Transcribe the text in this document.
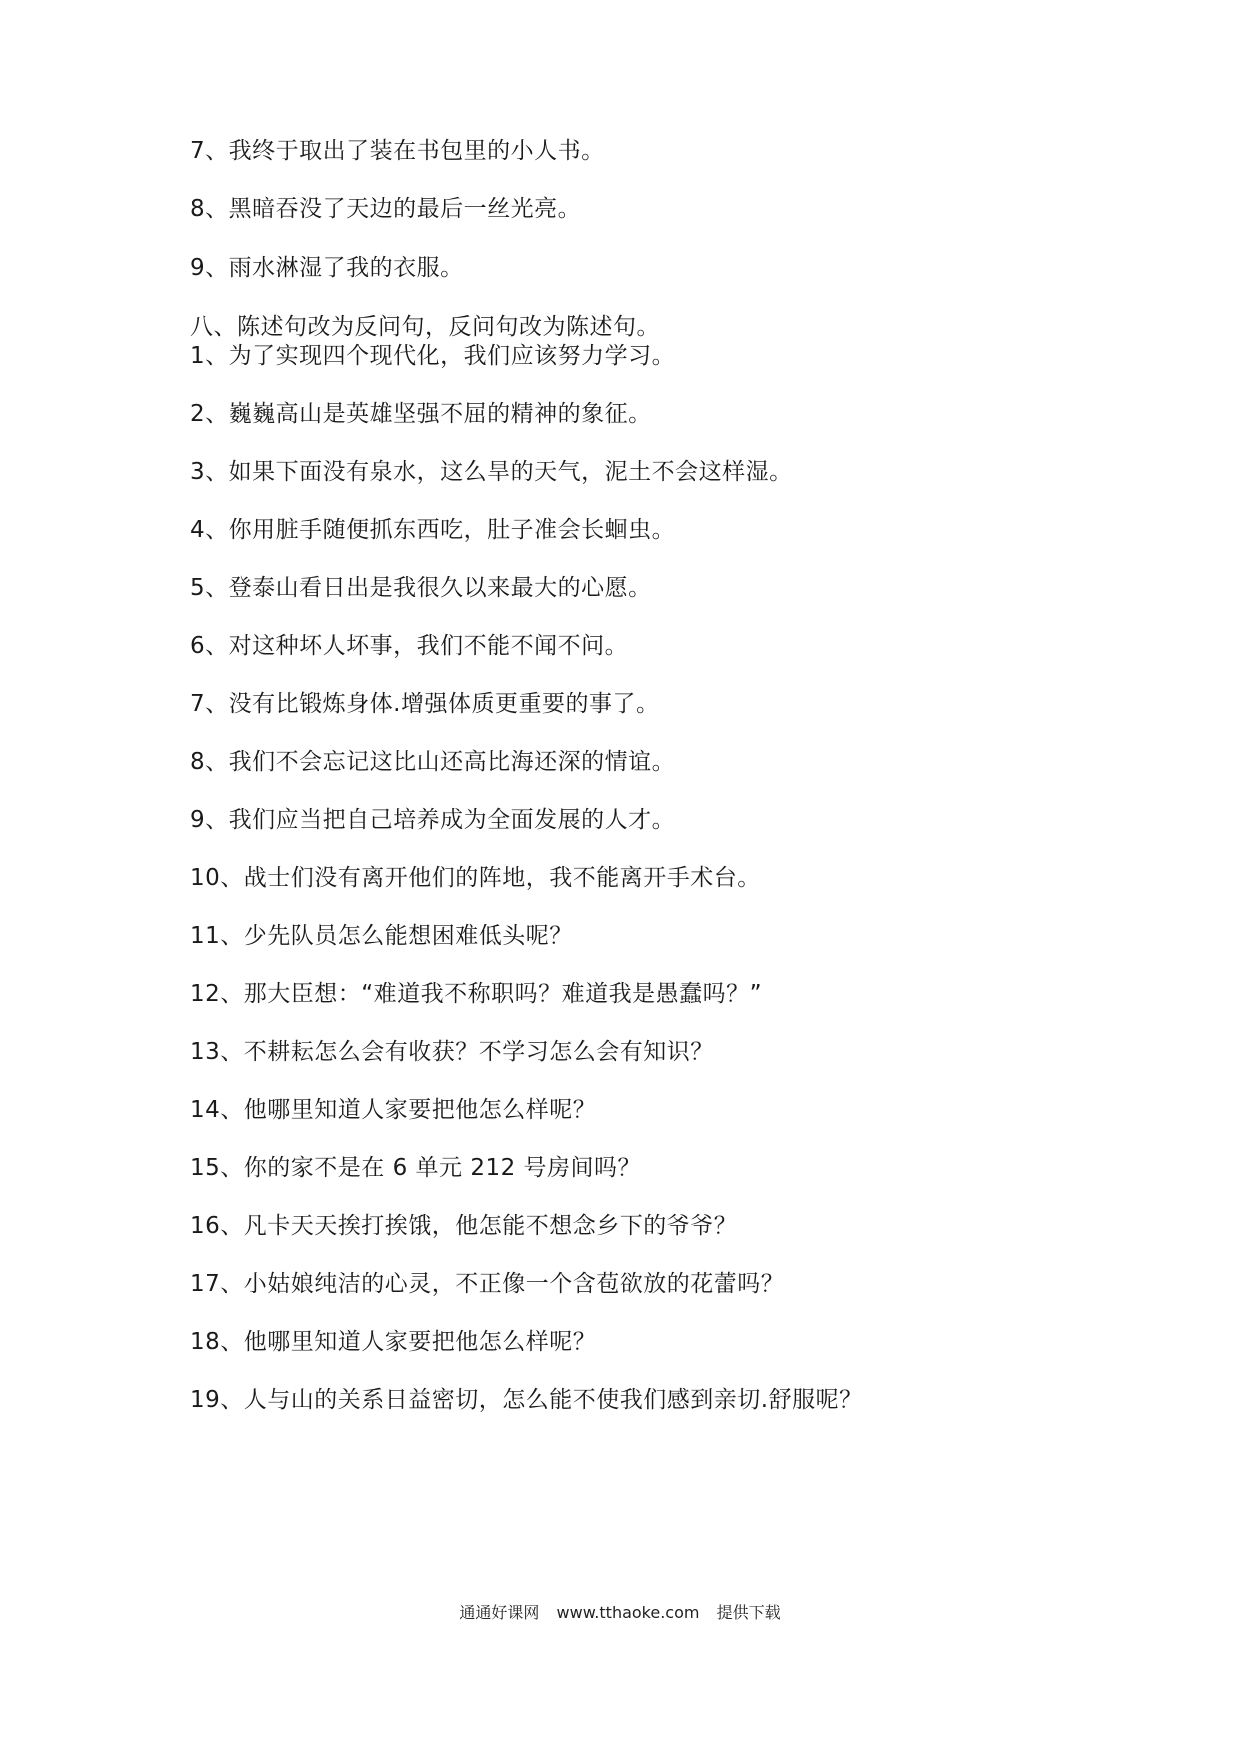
7、我终于取出了装在书包里的小人书。
8、黑暗吞没了天边的最后一丝光亮。
9、雨水淋湿了我的衣服。
八、陈述句改为反问句，反问句改为陈述句。
1、为了实现四个现代化，我们应该努力学习。
2、巍巍高山是英雄坚强不屈的精神的象征。
3、如果下面没有泉水，这么旱的天气，泥土不会这样湿。
4、你用脏手随便抓东西吃，肚子准会长蛔虫。
5、登泰山看日出是我很久以来最大的心愿。
6、对这种坏人坏事，我们不能不闻不问。
7、没有比锻炼身体.增强体质更重要的事了。
8、我们不会忘记这比山还高比海还深的情谊。
9、我们应当把自己培养成为全面发展的人才。
10、战士们没有离开他们的阵地，我不能离开手术台。
11、少先队员怎么能想困难低头呢？
12、那大臣想：“难道我不称职吗？难道我是愚蠢吗？”
13、不耕耘怎么会有收获？不学习怎么会有知识？
14、他哪里知道人家要把他怎么样呢？
15、你的家不是在 6 单元 212 号房间吗？
16、凡卡天天挨打挨饿，他怎能不想念乡下的爷爷？
17、小姑娘纯洁的心灵，不正像一个含苞欲放的花蕾吗？
18、他哪里知道人家要把他怎么样呢？
19、人与山的关系日益密切，怎么能不使我们感到亲切.舒服呢？
通通好课网 www.tthaoke.com 提供下载
